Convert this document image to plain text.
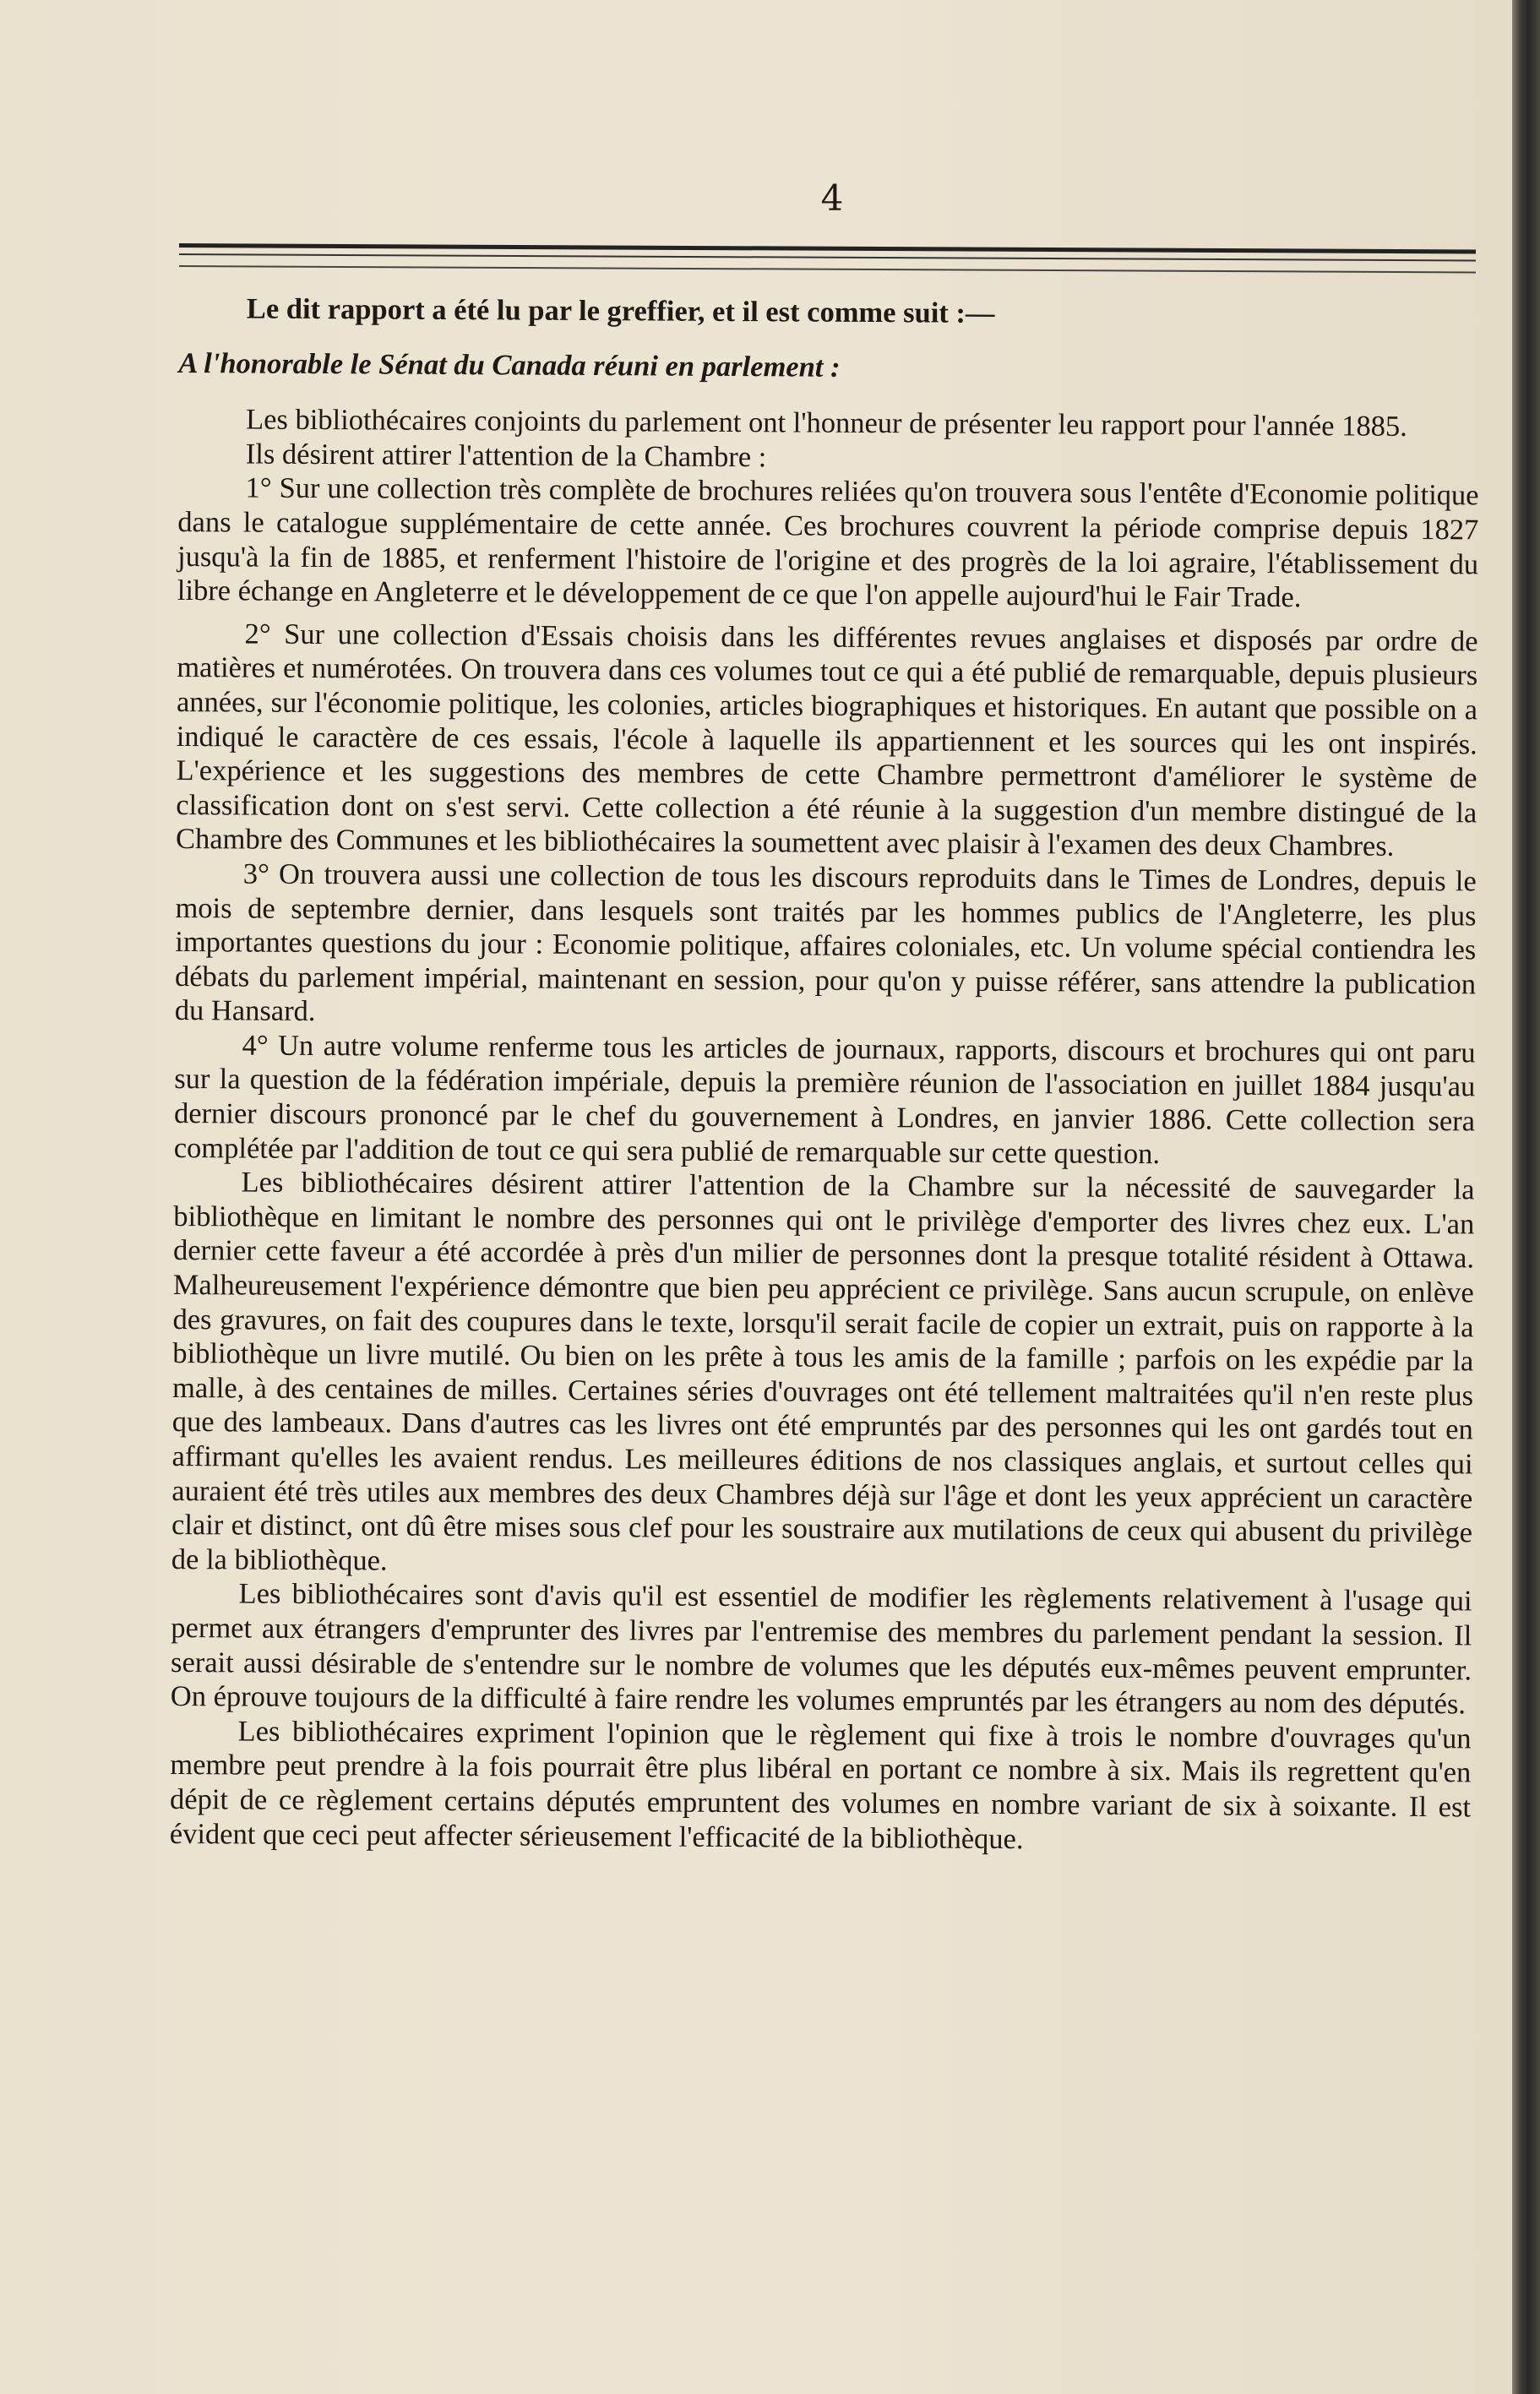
4

Le dit rapport a été lu par le greffier, et il est comme suit :—

A l'honorable le Sénat du Canada réuni en parlement :

Les bibliothécaires conjoints du parlement ont l'honneur de présenter leu rapport pour l'année 1885.

Ils désirent attirer l'attention de la Chambre :

1° Sur une collection très complète de brochures reliées qu'on trouvera sous l'entête d'Economie politique dans le catalogue supplémentaire de cette année. Ces brochures couvrent la période comprise depuis 1827 jusqu'à la fin de 1885, et renferment l'histoire de l'origine et des progrès de la loi agraire, l'établissement du libre échange en Angleterre et le développement de ce que l'on appelle aujourd'hui le Fair Trade.

2° Sur une collection d'Essais choisis dans les différentes revues anglaises et disposés par ordre de matières et numérotées. On trouvera dans ces volumes tout ce qui a été publié de remarquable, depuis plusieurs années, sur l'économie politique, les colonies, articles biographiques et historiques. En autant que possible on a indiqué le caractère de ces essais, l'école à laquelle ils appartiennent et les sources qui les ont inspirés. L'expérience et les suggestions des membres de cette Chambre permettront d'améliorer le système de classification dont on s'est servi. Cette collection a été réunie à la suggestion d'un membre distingué de la Chambre des Communes et les bibliothécaires la soumettent avec plaisir à l'examen des deux Chambres.

3° On trouvera aussi une collection de tous les discours reproduits dans le Times de Londres, depuis le mois de septembre dernier, dans lesquels sont traités par les hommes publics de l'Angleterre, les plus importantes questions du jour : Economie politique, affaires coloniales, etc. Un volume spécial contiendra les débats du parlement impérial, maintenant en session, pour qu'on y puisse référer, sans attendre la publication du Hansard.

4° Un autre volume renferme tous les articles de journaux, rapports, discours et brochures qui ont paru sur la question de la fédération impériale, depuis la première réunion de l'association en juillet 1884 jusqu'au dernier discours prononcé par le chef du gouvernement à Londres, en janvier 1886. Cette collection sera complétée par l'addition de tout ce qui sera publié de remarquable sur cette question.

Les bibliothécaires désirent attirer l'attention de la Chambre sur la nécessité de sauvegarder la bibliothèque en limitant le nombre des personnes qui ont le privilège d'emporter des livres chez eux. L'an dernier cette faveur a été accordée à près d'un milier de personnes dont la presque totalité résident à Ottawa. Malheureusement l'expérience démontre que bien peu apprécient ce privilège. Sans aucun scrupule, on enlève des gravures, on fait des coupures dans le texte, lorsqu'il serait facile de copier un extrait, puis on rapporte à la bibliothèque un livre mutilé. Ou bien on les prête à tous les amis de la famille ; parfois on les expédie par la malle, à des centaines de milles. Certaines séries d'ouvrages ont été tellement maltraitées qu'il n'en reste plus que des lambeaux. Dans d'autres cas les livres ont été empruntés par des personnes qui les ont gardés tout en affirmant qu'elles les avaient rendus. Les meilleures éditions de nos classiques anglais, et surtout celles qui auraient été très utiles aux membres des deux Chambres déjà sur l'âge et dont les yeux apprécient un caractère clair et distinct, ont dû être mises sous clef pour les soustraire aux mutilations de ceux qui abusent du privilège de la bibliothèque.

Les bibliothécaires sont d'avis qu'il est essentiel de modifier les règlements relativement à l'usage qui permet aux étrangers d'emprunter des livres par l'entremise des membres du parlement pendant la session. Il serait aussi désirable de s'entendre sur le nombre de volumes que les députés eux-mêmes peuvent emprunter. On éprouve toujours de la difficulté à faire rendre les volumes empruntés par les étrangers au nom des députés.

Les bibliothécaires expriment l'opinion que le règlement qui fixe à trois le nombre d'ouvrages qu'un membre peut prendre à la fois pourrait être plus libéral en portant ce nombre à six. Mais ils regrettent qu'en dépit de ce règlement certains députés empruntent des volumes en nombre variant de six à soixante. Il est évident que ceci peut affecter sérieusement l'efficacité de la bibliothèque.
